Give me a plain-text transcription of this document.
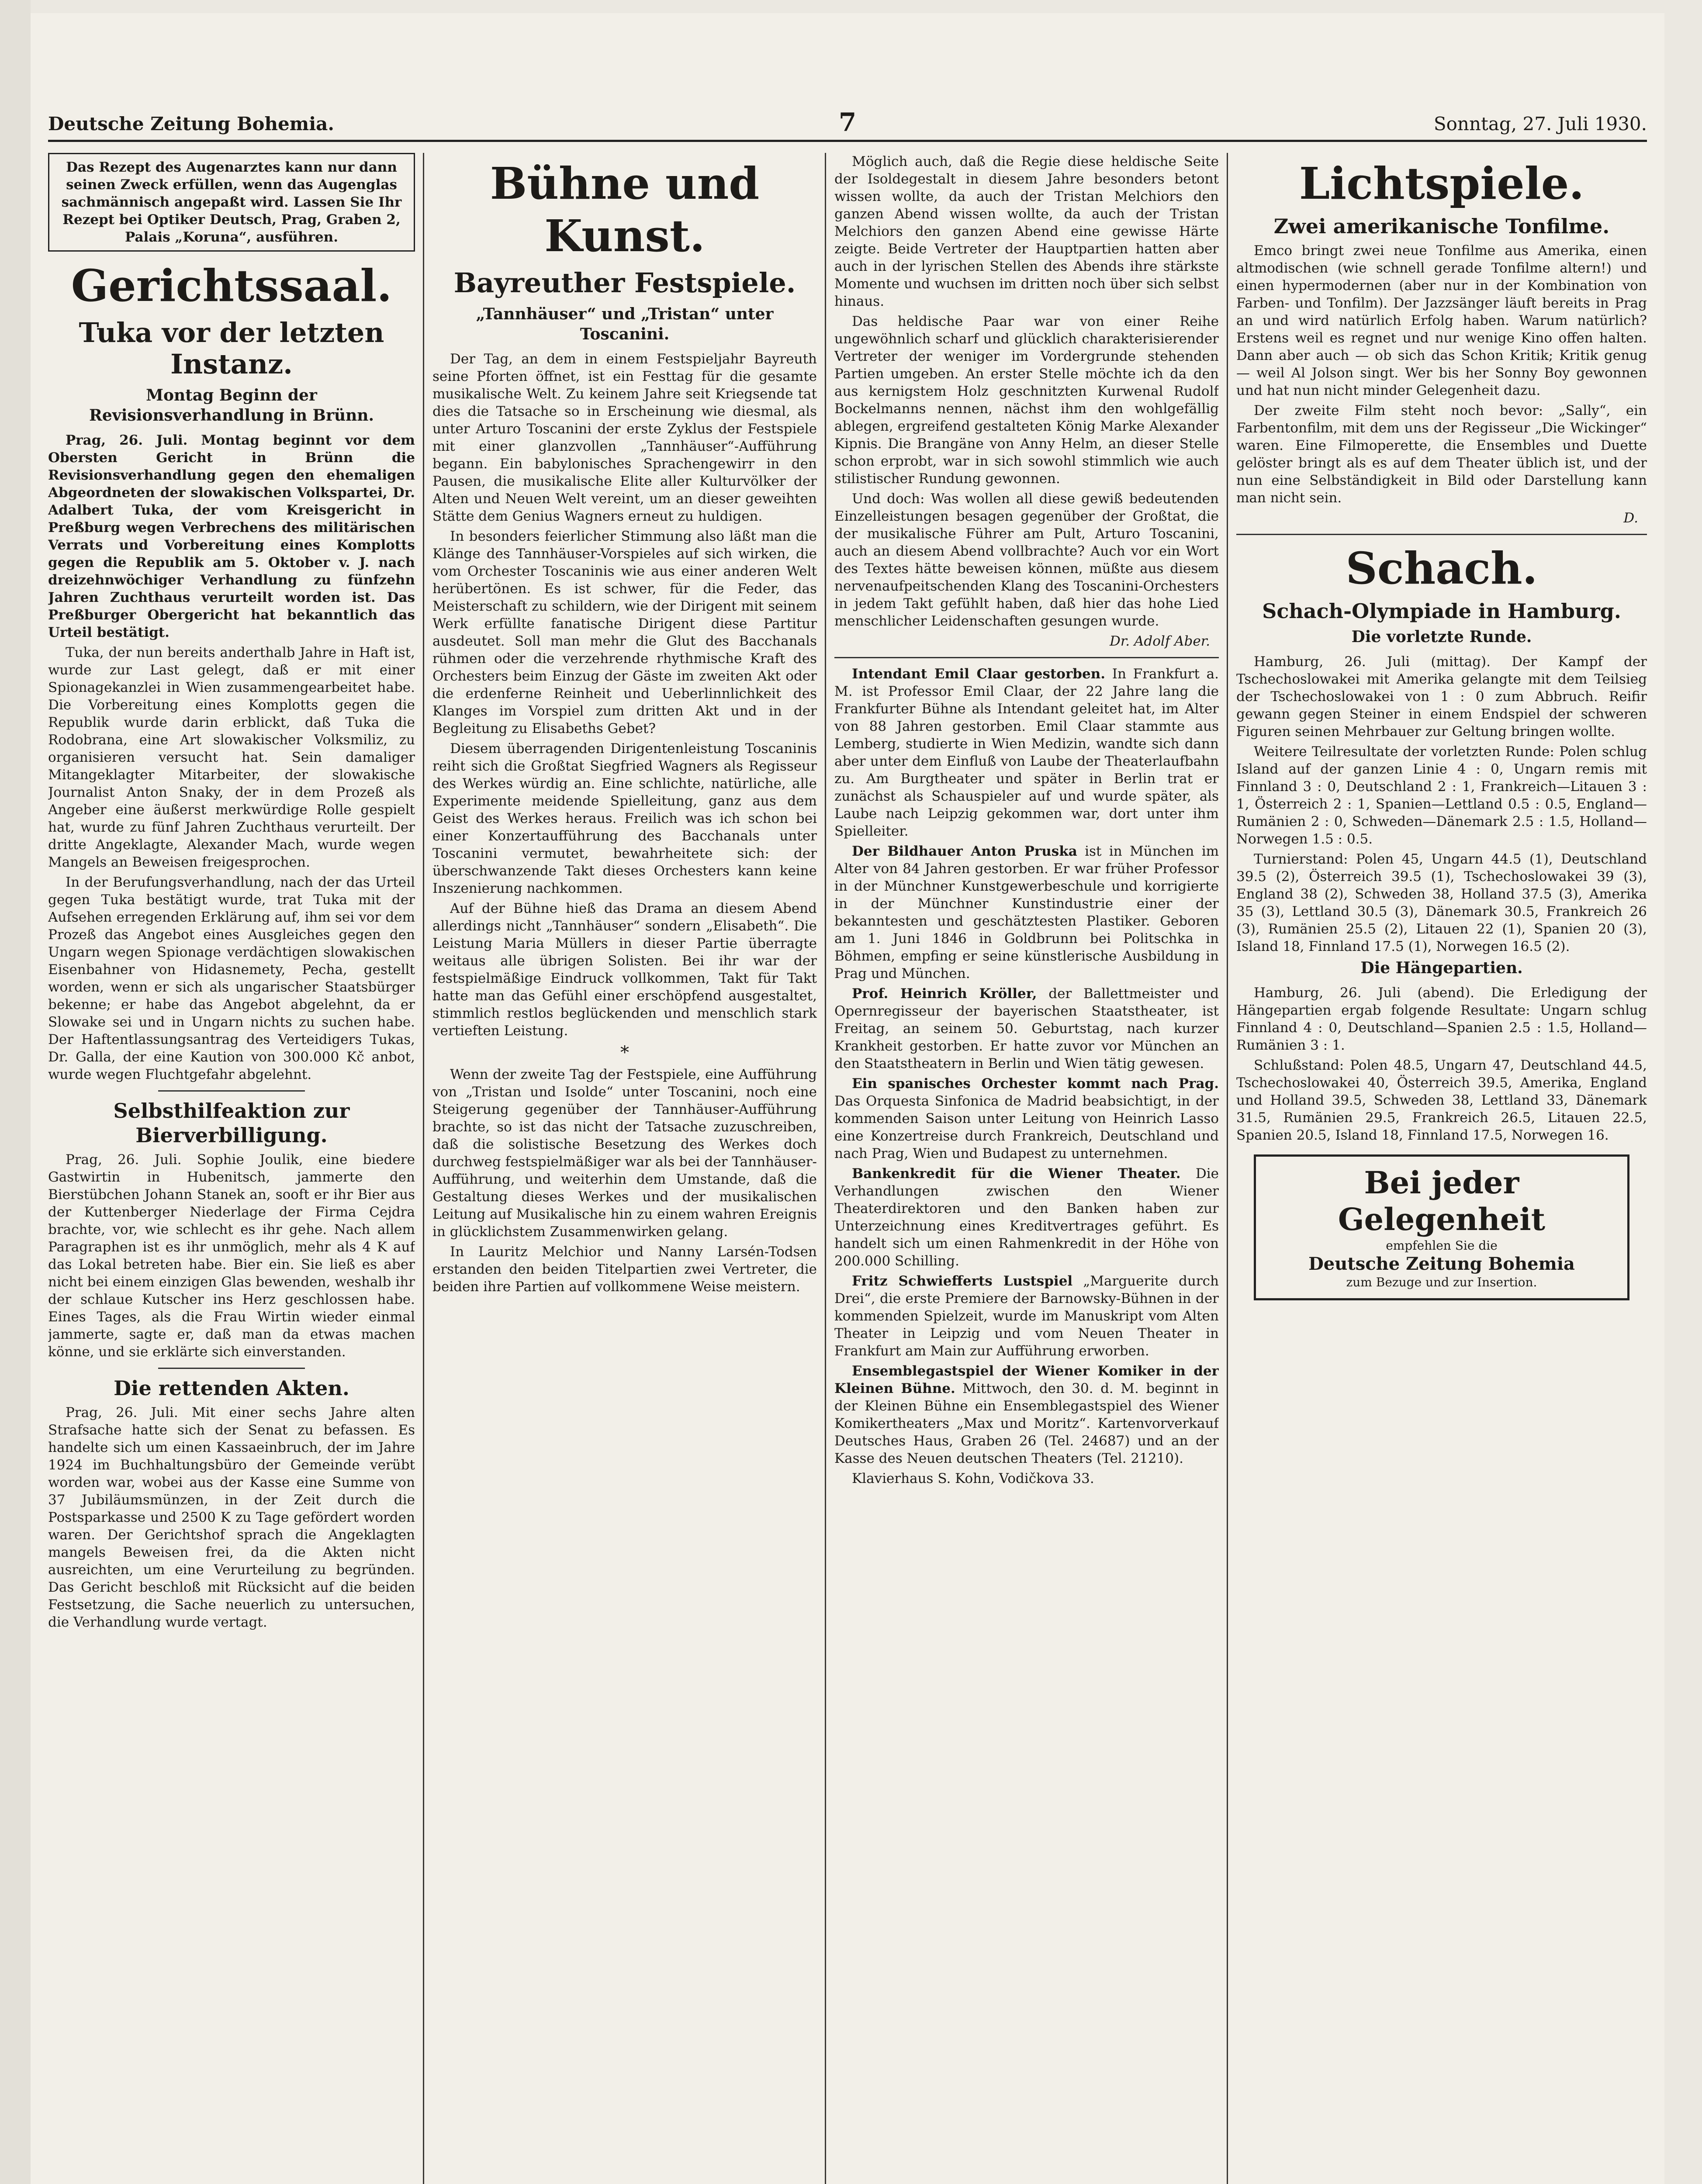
Deutsche Zeitung Bohemia.	7	Sonntag, 27. Juli 1930.
Das Rezept des Augenarztes kann nur dann seinen Zweck erfüllen, wenn das Augenglas sachmännisch angepaßt wird. Lassen Sie Ihr Rezept bei Optiker Deutsch, Prag, Graben 2, Palais „Koruna“, ausführen.
Gerichtssaal.
Tuka vor der letzten Instanz.
Montag Beginn der Revisionsverhandlung in Brünn.

Prag, 26. Juli. Montag beginnt vor dem Obersten Gericht in Brünn die Revisionsverhandlung gegen den ehemaligen Abgeordneten der slowakischen Volkspartei, Dr. Adalbert Tuka, der vom Kreisgericht in Preßburg wegen Verbrechens des militärischen Verrats und Vorbereitung eines Komplotts gegen die Republik am 5. Oktober v. J. nach dreizehnwöchiger Verhandlung zu fünfzehn Jahren Zuchthaus verurteilt worden ist. Das Preßburger Obergericht hat bekanntlich das Urteil bestätigt.

Tuka, der nun bereits anderthalb Jahre in Haft ist, wurde zur Last gelegt, daß er mit einer Spionagekanzlei in Wien zusammengearbeitet habe. Die Vorbereitung eines Komplotts gegen die Republik wurde darin erblickt, daß Tuka die Rodobrana, eine Art slowakischer Volksmiliz, zu organisieren versucht hat. Sein damaliger Mitangeklagter Mitarbeiter, der slowakische Journalist Anton Snaky, der in dem Prozeß als Angeber eine äußerst merkwürdige Rolle gespielt hat, wurde zu fünf Jahren Zuchthaus verurteilt. Der dritte Angeklagte, Alexander Mach, wurde wegen Mangels an Beweisen freigesprochen.

In der Berufungsverhandlung, nach der das Urteil gegen Tuka bestätigt wurde, trat Tuka mit der Aufsehen erregenden Erklärung auf, ihm sei vor dem Prozeß das Angebot eines Ausgleiches gegen den Ungarn wegen Spionage verdächtigen slowakischen Eisenbahner von Hidasnemety, Pecha, gestellt worden, wenn er sich als ungarischer Staatsbürger bekenne; er habe das Angebot abgelehnt, da er Slowake sei und in Ungarn nichts zu suchen habe. Der Haftentlassungsantrag des Verteidigers Tukas, Dr. Galla, der eine Kaution von 300.000 Kč anbot, wurde wegen Fluchtgefahr abgelehnt.

Selbsthilfeaktion zur Bierverbilligung.

Prag, 26. Juli. Sophie Joulik, eine biedere Gastwirtin in Hubenitsch, jammerte den Bierstübchen Johann Stanek an, sooft er ihr Bier aus der Kuttenberger Niederlage der Firma Cejdra brachte, vor, wie schlecht es ihr gehe. Nach allem Paragraphen ist es ihr unmöglich, mehr als 4 K auf das Lokal betreten habe. Bier ein. Sie ließ es aber nicht bei einem einzigen Glas bewenden, weshalb ihr der schlaue Kutscher ins Herz geschlossen habe. Eines Tages, als die Frau Wirtin wieder einmal jammerte, sagte er, daß man da etwas machen könne, und sie erklärte sich einverstanden.

Die rettenden Akten.

Prag, 26. Juli. Mit einer sechs Jahre alten Strafsache hatte sich der Senat zu befassen. Es handelte sich um einen Kassaeinbruch, der im Jahre 1924 im Buchhaltungsbüro der Gemeinde verübt worden war, wobei aus der Kasse eine Summe von 37 Jubiläumsmünzen, in der Zeit durch die Postsparkasse und 2500 K zu Tage gefördert worden waren. Der Gerichtshof sprach die Angeklagten mangels Beweisen frei, da die Akten nicht ausreichten, um eine Verurteilung zu begründen. Das Gericht beschloß mit Rücksicht auf die beiden Festsetzung, die Sache neuerlich zu untersuchen, die Verhandlung wurde vertagt.

Bühne und Kunst.
Bayreuther Festspiele.
„Tannhäuser“ und „Tristan“ unter Toscanini.

Der Tag, an dem in einem Festspieljahr Bayreuth seine Pforten öffnet, ist ein Festtag für die gesamte musikalische Welt. Zu keinem Jahre seit Kriegsende tat dies die Tatsache so in Erscheinung wie diesmal, als unter Arturo Toscanini der erste Zyklus der Festspiele mit einer glanzvollen „Tannhäuser“-Aufführung begann. Ein babylonisches Sprachengewirr in den Pausen, die musikalische Elite aller Kulturvölker der Alten und Neuen Welt vereint, um an dieser geweihten Stätte dem Genius Wagners erneut zu huldigen.

In besonders feierlicher Stimmung also läßt man die Klänge des Tannhäuser-Vorspieles auf sich wirken, die vom Orchester Toscaninis wie aus einer anderen Welt herübertönen. Es ist schwer, für die Feder, das Meisterschaft zu schildern, wie der Dirigent mit seinem Werk erfüllte fanatische Dirigent diese Partitur ausdeutet. Soll man mehr die Glut des Bacchanals rühmen oder die verzehrende rhythmische Kraft des Orchesters beim Einzug der Gäste im zweiten Akt oder die erdenferne Reinheit und Ueberlinnlichkeit des Klanges im Vorspiel zum dritten Akt und in der Begleitung zu Elisabeths Gebet?

Diesem überragenden Dirigentenleistung Toscaninis reiht sich die Großtat Siegfried Wagners als Regisseur des Werkes würdig an. Eine schlichte, natürliche, alle Experimente meidende Spielleitung, ganz aus dem Geist des Werkes heraus. Freilich was ich schon bei einer Konzertaufführung des Bacchanals unter Toscanini vermutet, bewahrheitete sich: der überschwanzende Takt dieses Orchesters kann keine Inszenierung nachkommen.

Auf der Bühne hieß das Drama an diesem Abend allerdings nicht „Tannhäuser“ sondern „Elisabeth“. Die Leistung Maria Müllers in dieser Partie überragte weitaus alle übrigen Solisten. Bei ihr war der festspielmäßige Eindruck vollkommen, Takt für Takt hatte man das Gefühl einer erschöpfend ausgestaltet, stimmlich restlos beglückenden und menschlich stark vertieften Leistung.

*

Wenn der zweite Tag der Festspiele, eine Aufführung von „Tristan und Isolde“ unter Toscanini, noch eine Steigerung gegenüber der Tannhäuser-Aufführung brachte, so ist das nicht der Tatsache zuzuschreiben, daß die solistische Besetzung des Werkes doch durchweg festspielmäßiger war als bei der Tannhäuser-Aufführung, und weiterhin dem Umstande, daß die Gestaltung dieses Werkes und der musikalischen Leitung auf Musikalische hin zu einem wahren Ereignis in glücklichstem Zusammenwirken gelang.

In Lauritz Melchior und Nanny Larsén-Todsen erstanden den beiden Titelpartien zwei Vertreter, die beiden ihre Partien auf vollkommene Weise meistern.

Möglich auch, daß die Regie diese heldische Seite der Isoldegestalt in diesem Jahre besonders betont wissen wollte, da auch der Tristan Melchiors den ganzen Abend wissen wollte, da auch der Tristan Melchiors den ganzen Abend eine gewisse Härte zeigte. Beide Vertreter der Hauptpartien hatten aber auch in der lyrischen Stellen des Abends ihre stärkste Momente und wuchsen im dritten noch über sich selbst hinaus.

Das heldische Paar war von einer Reihe ungewöhnlich scharf und glücklich charakterisierender Vertreter der weniger im Vordergrunde stehenden Partien umgeben. An erster Stelle möchte ich da den aus kernigstem Holz geschnitzten Kurwenal Rudolf Bockelmanns nennen, nächst ihm den wohlgefällig ablegen, ergreifend gestalteten König Marke Alexander Kipnis. Die Brangäne von Anny Helm, an dieser Stelle schon erprobt, war in sich sowohl stimmlich wie auch stilistischer Rundung gewonnen.

Und doch: Was wollen all diese gewiß bedeutenden Einzelleistungen besagen gegenüber der Großtat, die der musikalische Führer am Pult, Arturo Toscanini, auch an diesem Abend vollbrachte? Auch vor ein Wort des Textes hätte beweisen können, müßte aus diesem nervenaufpeitschenden Klang des Toscanini-Orchesters in jedem Takt gefühlt haben, daß hier das hohe Lied menschlicher Leidenschaften gesungen wurde.

Dr. Adolf Aber.

Intendant Emil Claar gestorben. In Frankfurt a. M. ist Professor Emil Claar, der 22 Jahre lang die Frankfurter Bühne als Intendant geleitet hat, im Alter von 88 Jahren gestorben. Emil Claar stammte aus Lemberg, studierte in Wien Medizin, wandte sich dann aber unter dem Einfluß von Laube der Theaterlaufbahn zu. Am Burgtheater und später in Berlin trat er zunächst als Schauspieler auf und wurde später, als Laube nach Leipzig gekommen war, dort unter ihm Spielleiter.

Der Bildhauer Anton Pruska ist in München im Alter von 84 Jahren gestorben. Er war früher Professor in der Münchner Kunstgewerbeschule und korrigierte in der Münchner Kunstindustrie einer der bekanntesten und geschätztesten Plastiker. Geboren am 1. Juni 1846 in Goldbrunn bei Politschka in Böhmen, empfing er seine künstlerische Ausbildung in Prag und München.

Prof. Heinrich Kröller, der Ballettmeister und Opernregisseur der bayerischen Staatstheater, ist Freitag, an seinem 50. Geburtstag, nach kurzer Krankheit gestorben. Er hatte zuvor vor München an den Staatstheatern in Berlin und Wien tätig gewesen.

Ein spanisches Orchester kommt nach Prag. Das Orquesta Sinfonica de Madrid beabsichtigt, in der kommenden Saison unter Leitung von Heinrich Lasso eine Konzertreise durch Frankreich, Deutschland und nach Prag, Wien und Budapest zu unternehmen.

Bankenkredit für die Wiener Theater. Die Verhandlungen zwischen den Wiener Theaterdirektoren und den Banken haben zur Unterzeichnung eines Kreditvertrages geführt. Es handelt sich um einen Rahmenkredit in der Höhe von 200.000 Schilling.

Fritz Schwiefferts Lustspiel „Marguerite durch Drei“, die erste Premiere der Barnowsky-Bühnen in der kommenden Spielzeit, wurde im Manuskript vom Alten Theater in Leipzig und vom Neuen Theater in Frankfurt am Main zur Aufführung erworben.

Ensemblegastspiel der Wiener Komiker in der Kleinen Bühne. Mittwoch, den 30. d. M. beginnt in der Kleinen Bühne ein Ensemblegastspiel des Wiener Komikertheaters „Max und Moritz“. Kartenvorverkauf Deutsches Haus, Graben 26 (Tel. 24687) und an der Kasse des Neuen deutschen Theaters (Tel. 21210).

Klavierhaus S. Kohn, Vodičkova 33.

Lichtspiele.
Zwei amerikanische Tonfilme.

Emco bringt zwei neue Tonfilme aus Amerika, einen altmodischen (wie schnell gerade Tonfilme altern!) und einen hypermodernen (aber nur in der Kombination von Farben- und Tonfilm). Der Jazzsänger läuft bereits in Prag an und wird natürlich Erfolg haben. Warum natürlich? Erstens weil es regnet und nur wenige Kino offen halten. Dann aber auch — ob sich das Schon Kritik; Kritik genug — weil Al Jolson singt. Wer bis her Sonny Boy gewonnen und hat nun nicht minder Gelegenheit dazu.

Der zweite Film steht noch bevor: „Sally“, ein Farbentonfilm, mit dem uns der Regisseur „Die Wickinger“ waren. Eine Filmoperette, die Ensembles und Duette gelöster bringt als es auf dem Theater üblich ist, und der nun eine Selbständigkeit in Bild oder Darstellung kann man nicht sein.

D.
Schach.
Schach-Olympiade in Hamburg.
Die vorletzte Runde.

Hamburg, 26. Juli (mittag). Der Kampf der Tschechoslowakei mit Amerika gelangte mit dem Teilsieg der Tschechoslowakei von 1 : 0 zum Abbruch. Reifir gewann gegen Steiner in einem Endspiel der schweren Figuren seinen Mehrbauer zur Geltung bringen wollte.

Weitere Teilresultate der vorletzten Runde: Polen schlug Island auf der ganzen Linie 4 : 0, Ungarn remis mit Finnland 3 : 0, Deutschland 2 : 1, Frankreich—Litauen 3 : 1, Österreich 2 : 1, Spanien—Lettland 0.5 : 0.5, England—Rumänien 2 : 0, Schweden—Dänemark 2.5 : 1.5, Holland—Norwegen 1.5 : 0.5.

Turnierstand: Polen 45, Ungarn 44.5 (1), Deutschland 39.5 (2), Österreich 39.5 (1), Tschechoslowakei 39 (3), England 38 (2), Schweden 38, Holland 37.5 (3), Amerika 35 (3), Lettland 30.5 (3), Dänemark 30.5, Frankreich 26 (3), Rumänien 25.5 (2), Litauen 22 (1), Spanien 20 (3), Island 18, Finnland 17.5 (1), Norwegen 16.5 (2).

Die Hängepartien.

Hamburg, 26. Juli (abend). Die Erledigung der Hängepartien ergab folgende Resultate: Ungarn schlug Finnland 4 : 0, Deutschland—Spanien 2.5 : 1.5, Holland—Rumänien 3 : 1.

Schlußstand: Polen 48.5, Ungarn 47, Deutschland 44.5, Tschechoslowakei 40, Österreich 39.5, Amerika, England und Holland 39.5, Schweden 38, Lettland 33, Dänemark 31.5, Rumänien 29.5, Frankreich 26.5, Litauen 22.5, Spanien 20.5, Island 18, Finnland 17.5, Norwegen 16.

Bei jeder Gelegenheit
empfehlen Sie die
Deutsche Zeitung Bohemia
zum Bezuge und zur Insertion.
